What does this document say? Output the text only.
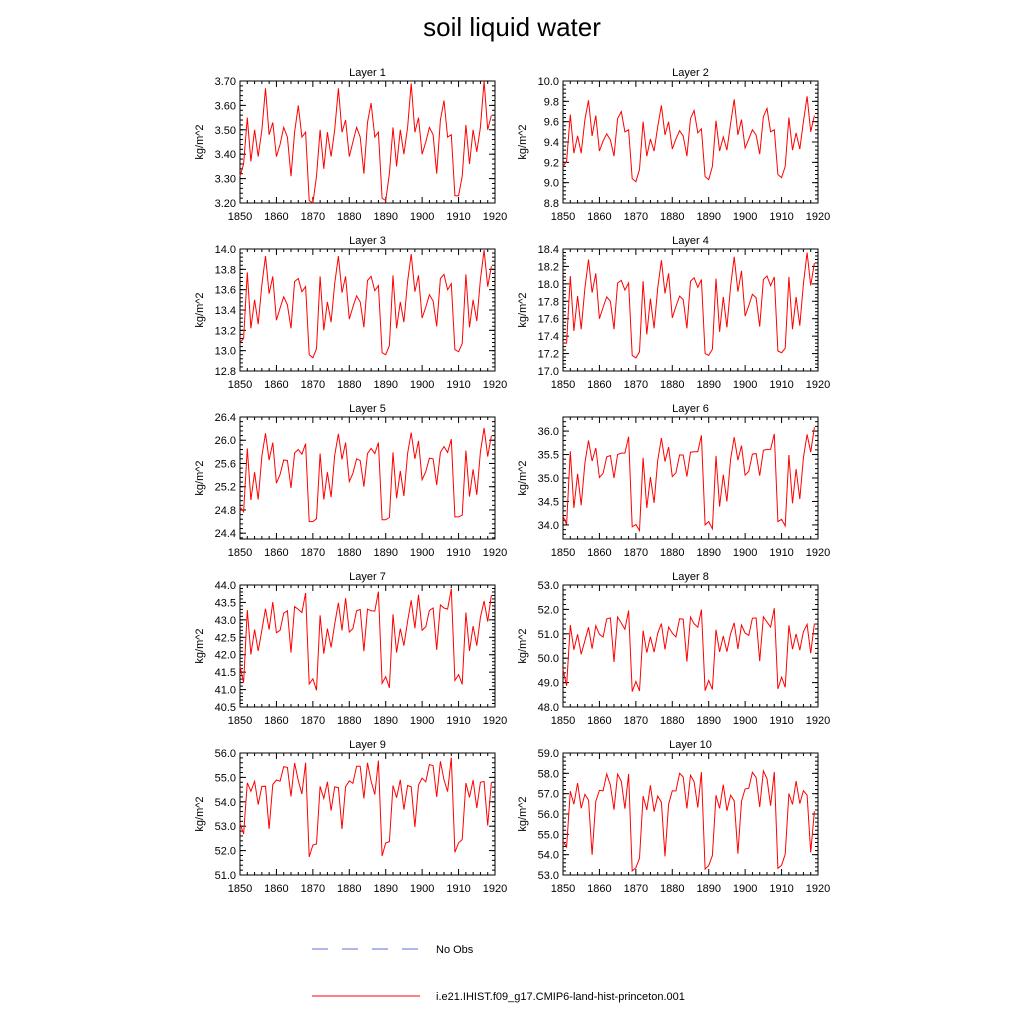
soil liquid water
Layer 1
1850 1860 1870 1880 1890 1900 1910 1920
3.20
3.30
3.40
3.50
3.60
3.70
kg/m^2
Layer 2
1850 1860 1870 1880 1890 1900 1910 1920
8.8
9.0
9.2
9.4
9.6
9.8
10.0
kg/m^2
Layer 3
1850 1860 1870 1880 1890 1900 1910 1920
12.8
13.0
13.2
13.4
13.6
13.8
14.0
kg/m^2
Layer 4
1850 1860 1870 1880 1890 1900 1910 1920
17.0
17.2
17.4
17.6
17.8
18.0
18.2
18.4
kg/m^2
Layer 5
1850 1860 1870 1880 1890 1900 1910 1920
24.4
24.8
25.2
25.6
26.0
26.4
kg/m^2
Layer 6
1850 1860 1870 1880 1890 1900 1910 1920
34.0
34.5
35.0
35.5
36.0
kg/m^2
Layer 7
1850 1860 1870 1880 1890 1900 1910 1920
40.5
41.0
41.5
42.0
42.5
43.0
43.5
44.0
kg/m^2
Layer 8
1850 1860 1870 1880 1890 1900 1910 1920
48.0
49.0
50.0
51.0
52.0
53.0
kg/m^2
Layer 9
1850 1860 1870 1880 1890 1900 1910 1920
51.0
52.0
53.0
54.0
55.0
56.0
kg/m^2
Layer 10
1850 1860 1870 1880 1890 1900 1910 1920
53.0
54.0
55.0
56.0
57.0
58.0
59.0
kg/m^2
No Obs
i.e21.IHIST.f09_g17.CMIP6-land-hist-princeton.001
